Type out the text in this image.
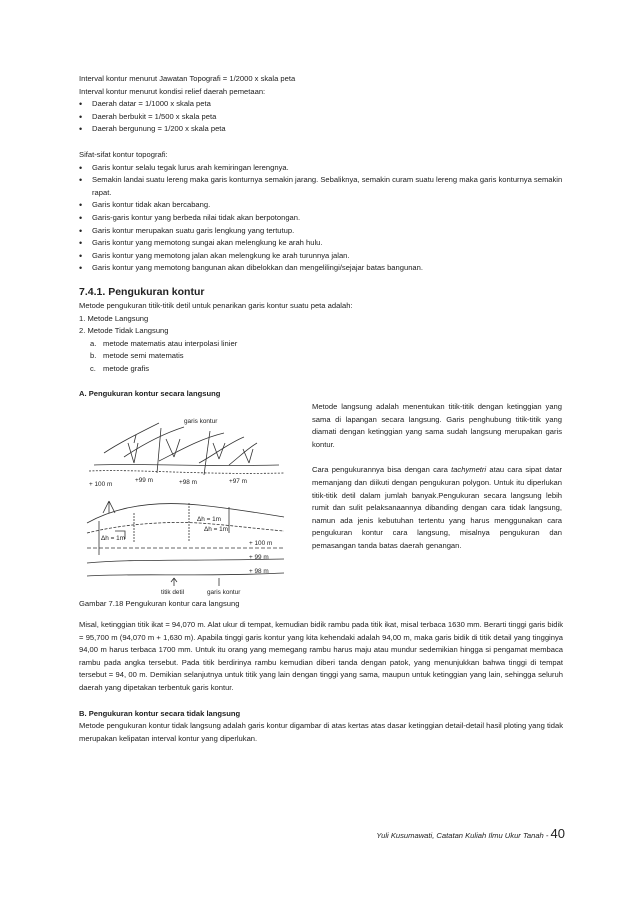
Interval kontur menurut Jawatan Topografi = 1/2000 x skala peta

Interval kontur menurut kondisi relief daerah pemetaan:

• Daerah datar = 1/1000 x skala peta
• Daerah berbukit = 1/500 x skala peta
• Daerah bergunung = 1/200 x skala peta

Sifat-sifat kontur topografi:

• Garis kontur selalu tegak lurus arah kemiringan lerengnya.
• Semakin landai suatu lereng maka garis konturnya semakin jarang. Sebaliknya, semakin curam suatu lereng maka garis konturnya semakin rapat.
• Garis kontur tidak akan bercabang.
• Garis-garis kontur yang berbeda nilai tidak akan berpotongan.
• Garis kontur merupakan suatu garis lengkung yang tertutup.
• Garis kontur yang memotong sungai akan melengkung ke arah hulu.
• Garis kontur yang memotong jalan akan melengkung ke arah turunnya jalan.
• Garis kontur yang memotong bangunan akan dibelokkan dan mengelilingi/sejajar batas bangunan.
7.4.1. Pengukuran kontur

Metode pengukuran titik-titik detil untuk penarikan garis kontur suatu peta adalah:

1. Metode Langsung
2. Metode Tidak Langsung
a. metode matematis atau interpolasi linier
b. metode semi matematis
c. metode grafis

A. Pengukuran kontur secara langsung

Metode langsung adalah menentukan titik-titik dengan ketinggian yang sama di lapangan secara langsung. Garis penghubung titik-titik yang diamati dengan ketinggian yang sama sudah langsung merupakan garis kontur.

Cara pengukurannya bisa dengan cara tachymetri atau cara sipat datar memanjang dan diikuti dengan pengukuran polygon. Untuk itu diperlukan titik-titik detil dalam jumlah banyak.Pengukuran secara langsung lebih rumit dan sulit pelaksanaannya dibanding dengan cara tidak langsung, namun ada jenis kebutuhan tertentu yang harus menggunakan cara pengukuran kontur cara langsung, misalnya pengukuran dan pemasangan tanda batas daerah genangan.

garis kontur
+ 100 m
+99 m	+98 m	+97 m
Δh = 1m
Δh = 1m
Δh = 1m
+ 100 m
+ 99 m
+ 98 m
titik detil	garis kontur

Gambar 7.18 Pengukuran kontur cara langsung

Misal, ketinggian titik ikat = 94,070 m. Alat ukur di tempat, kemudian bidik rambu pada titik ikat, misal terbaca 1630 mm. Berarti tinggi garis bidik = 95,700 m (94,070 m + 1,630 m). Apabila tinggi garis kontur yang kita kehendaki adalah 94,00 m, maka garis bidik di titik detail yang tingginya 94,00 m harus terbaca 1700 mm. Untuk itu orang yang memegang rambu harus maju atau mundur sedemikian hingga si pengamat membaca rambu pada angka tersebut. Pada titik berdirinya rambu kemudian diberi tanda dengan patok, yang menunjukkan bahwa tinggi di tempat tersebut = 94, 00 m. Demikian selanjutnya untuk titik yang lain dengan tinggi yang sama, maupun untuk ketinggian yang lain, sehingga seluruh daerah yang dipetakan terbentuk garis kontur.

B. Pengukuran kontur secara tidak langsung

Metode pengukuran kontur tidak langsung adalah garis kontur digambar di atas kertas atas dasar ketinggian detail-detail hasil ploting yang tidak merupakan kelipatan interval kontur yang diperlukan.

Yuli Kusumawati, Catatan Kuliah Ilmu Ukur Tanah - 40
